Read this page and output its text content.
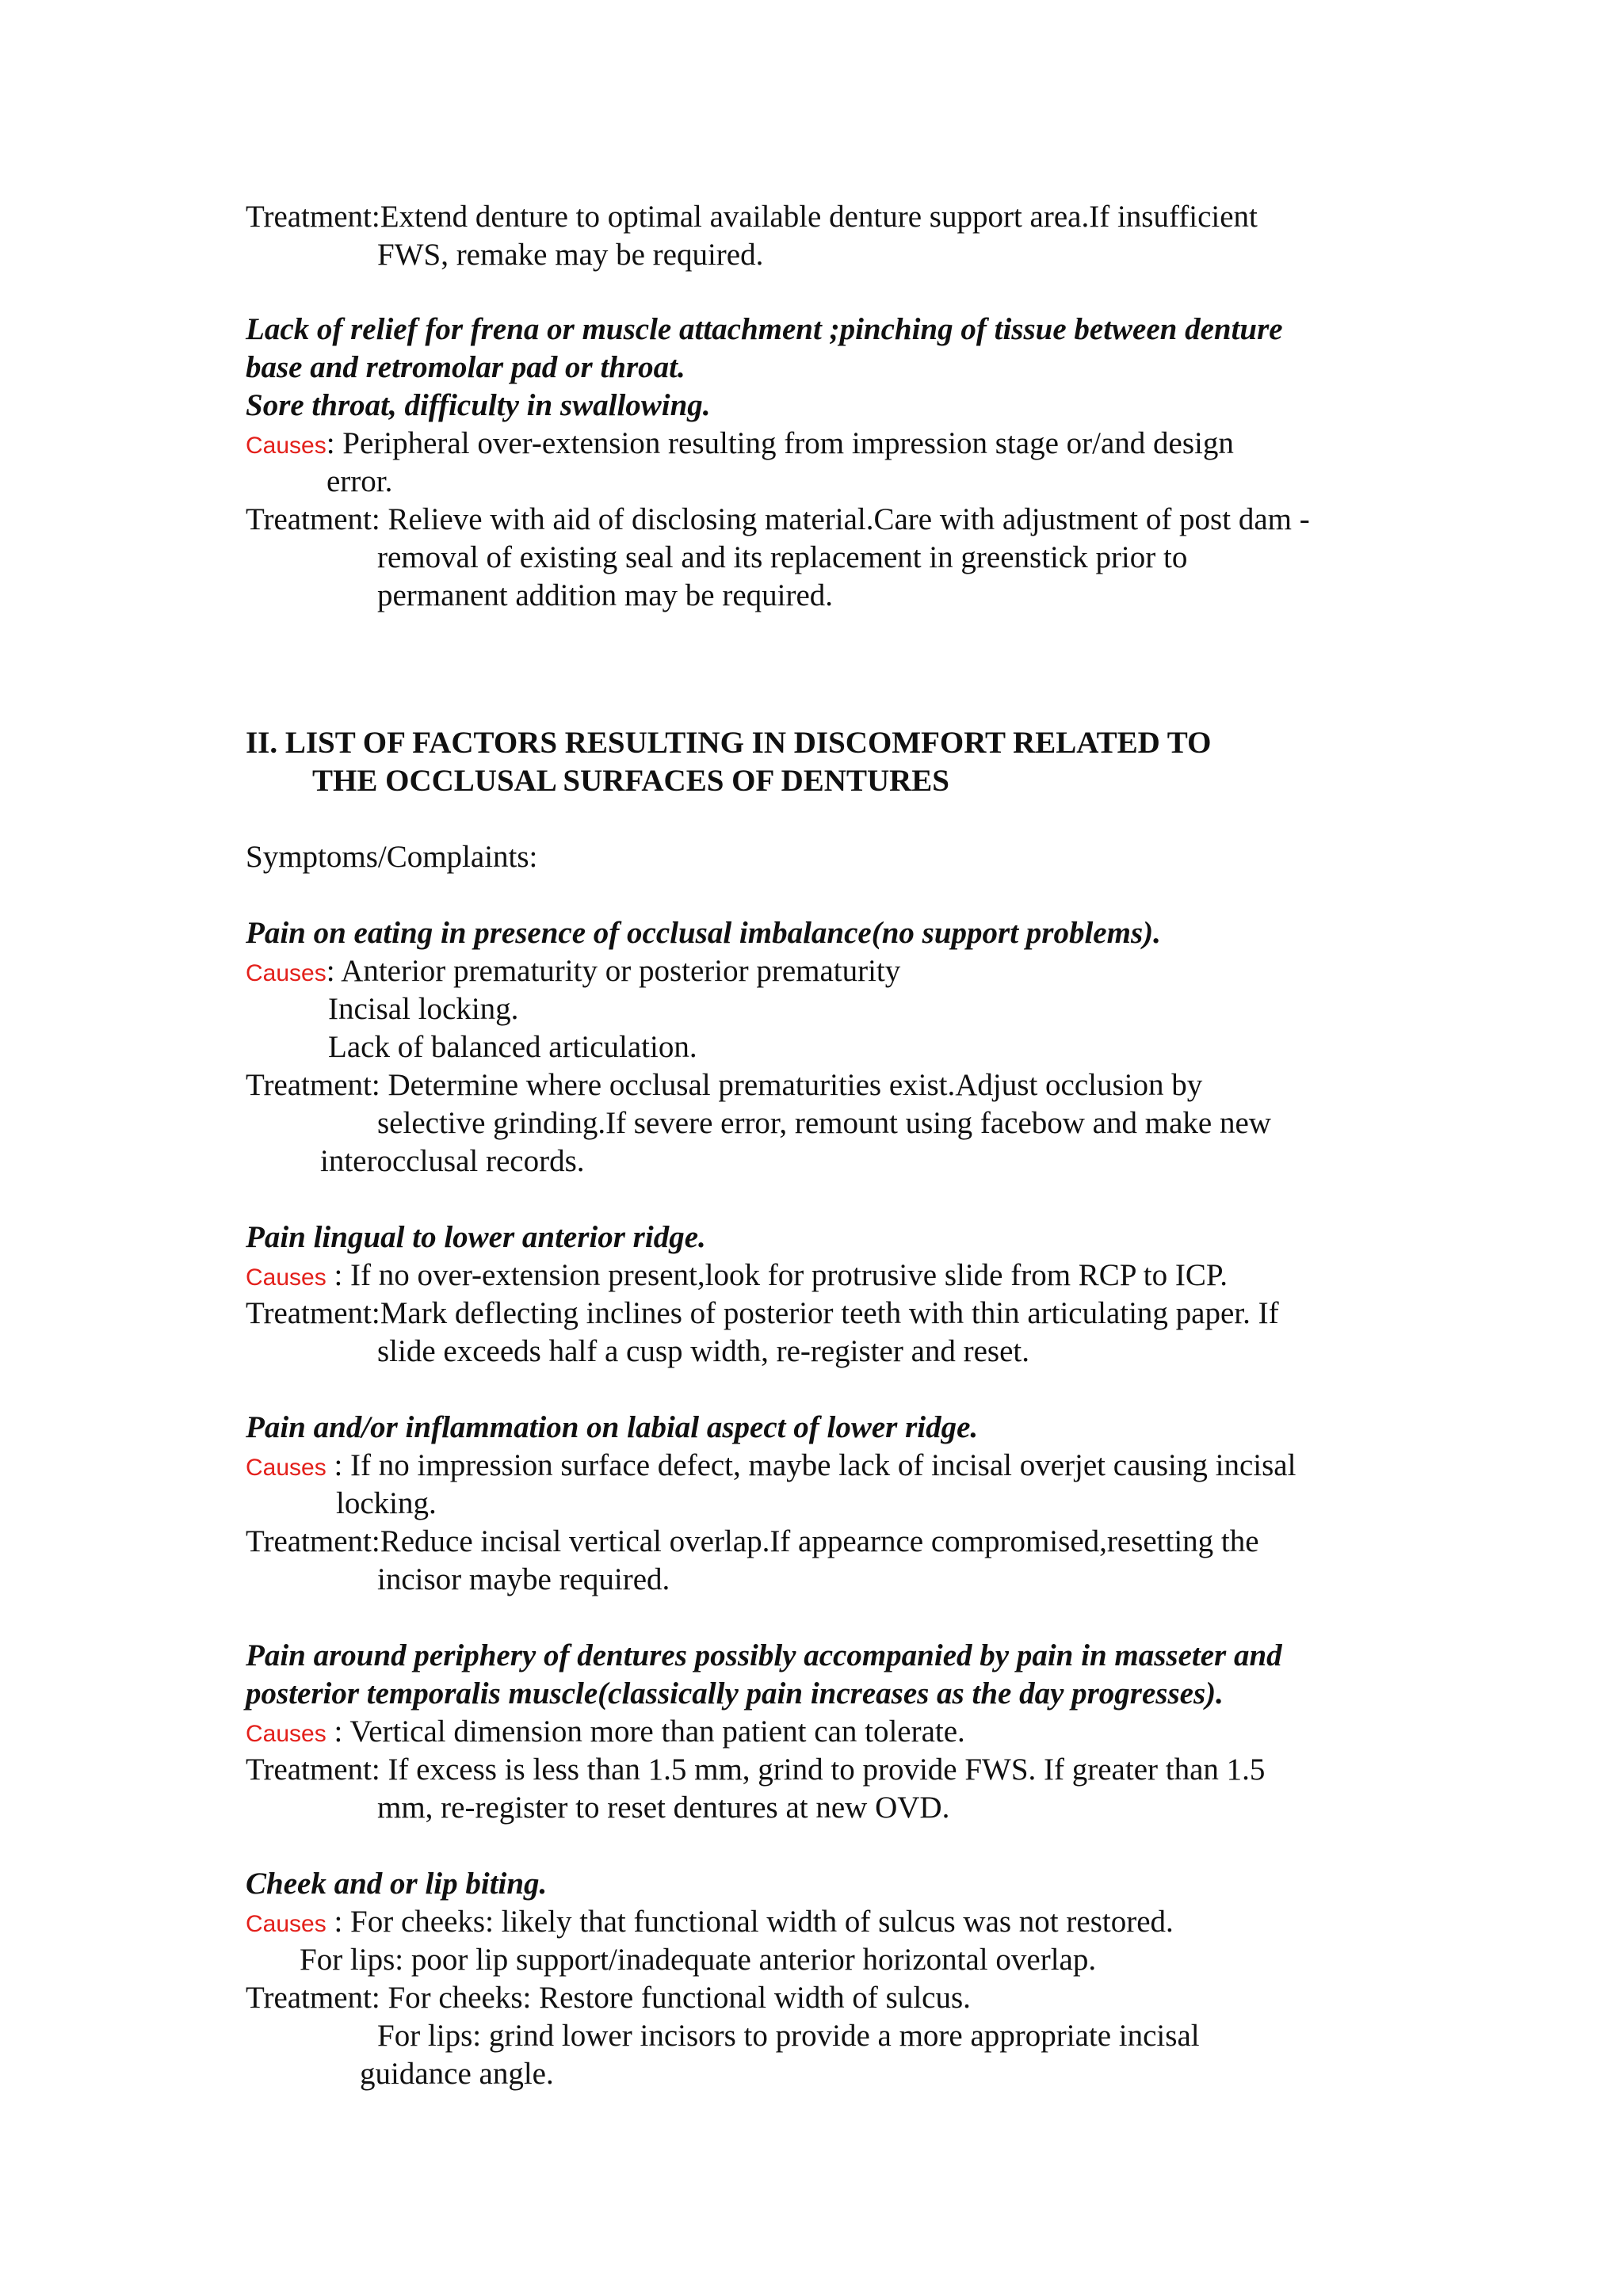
Treatment:Extend denture to optimal available denture support area.If insufficient
FWS, remake may be required.
Lack of relief for frena or muscle attachment ;pinching of tissue between denture
base and retromolar pad or throat.
Sore throat, difficulty in swallowing.
Causes: Peripheral over-extension resulting from impression stage or/and design
error.
Treatment: Relieve with aid of disclosing material.Care with adjustment of post dam -
removal of existing seal and its replacement in greenstick prior to
permanent addition may be required.
II. LIST OF FACTORS RESULTING IN DISCOMFORT RELATED TO
THE OCCLUSAL SURFACES OF DENTURES
Symptoms/Complaints:
Pain on eating in presence of occlusal imbalance(no support problems).
Causes: Anterior prematurity or posterior prematurity
Incisal locking.
Lack of balanced articulation.
Treatment: Determine where occlusal prematurities exist.Adjust occlusion by
selective grinding.If severe error, remount using facebow and make new
interocclusal records.
Pain lingual to lower anterior ridge.
Causes : If no over-extension present,look for protrusive slide from RCP to ICP.
Treatment:Mark deflecting inclines of posterior teeth with thin articulating paper. If
slide exceeds half a cusp width, re-register and reset.
Pain and/or inflammation on labial aspect of lower ridge.
Causes : If no impression surface defect, maybe lack of incisal overjet causing incisal
locking.
Treatment:Reduce incisal vertical overlap.If appearnce compromised,resetting the
incisor maybe required.
Pain around periphery of dentures possibly accompanied by pain in masseter and
posterior temporalis muscle(classically pain increases as the day progresses).
Causes : Vertical dimension more than patient can tolerate.
Treatment: If excess is less than 1.5 mm, grind to provide FWS. If greater than 1.5
mm, re-register to reset dentures at new OVD.
Cheek and or lip biting.
Causes : For cheeks: likely that functional width of sulcus was not restored.
For lips: poor lip support/inadequate anterior horizontal overlap.
Treatment: For cheeks: Restore functional width of sulcus.
For lips: grind lower incisors to provide a more appropriate incisal
guidance angle.
